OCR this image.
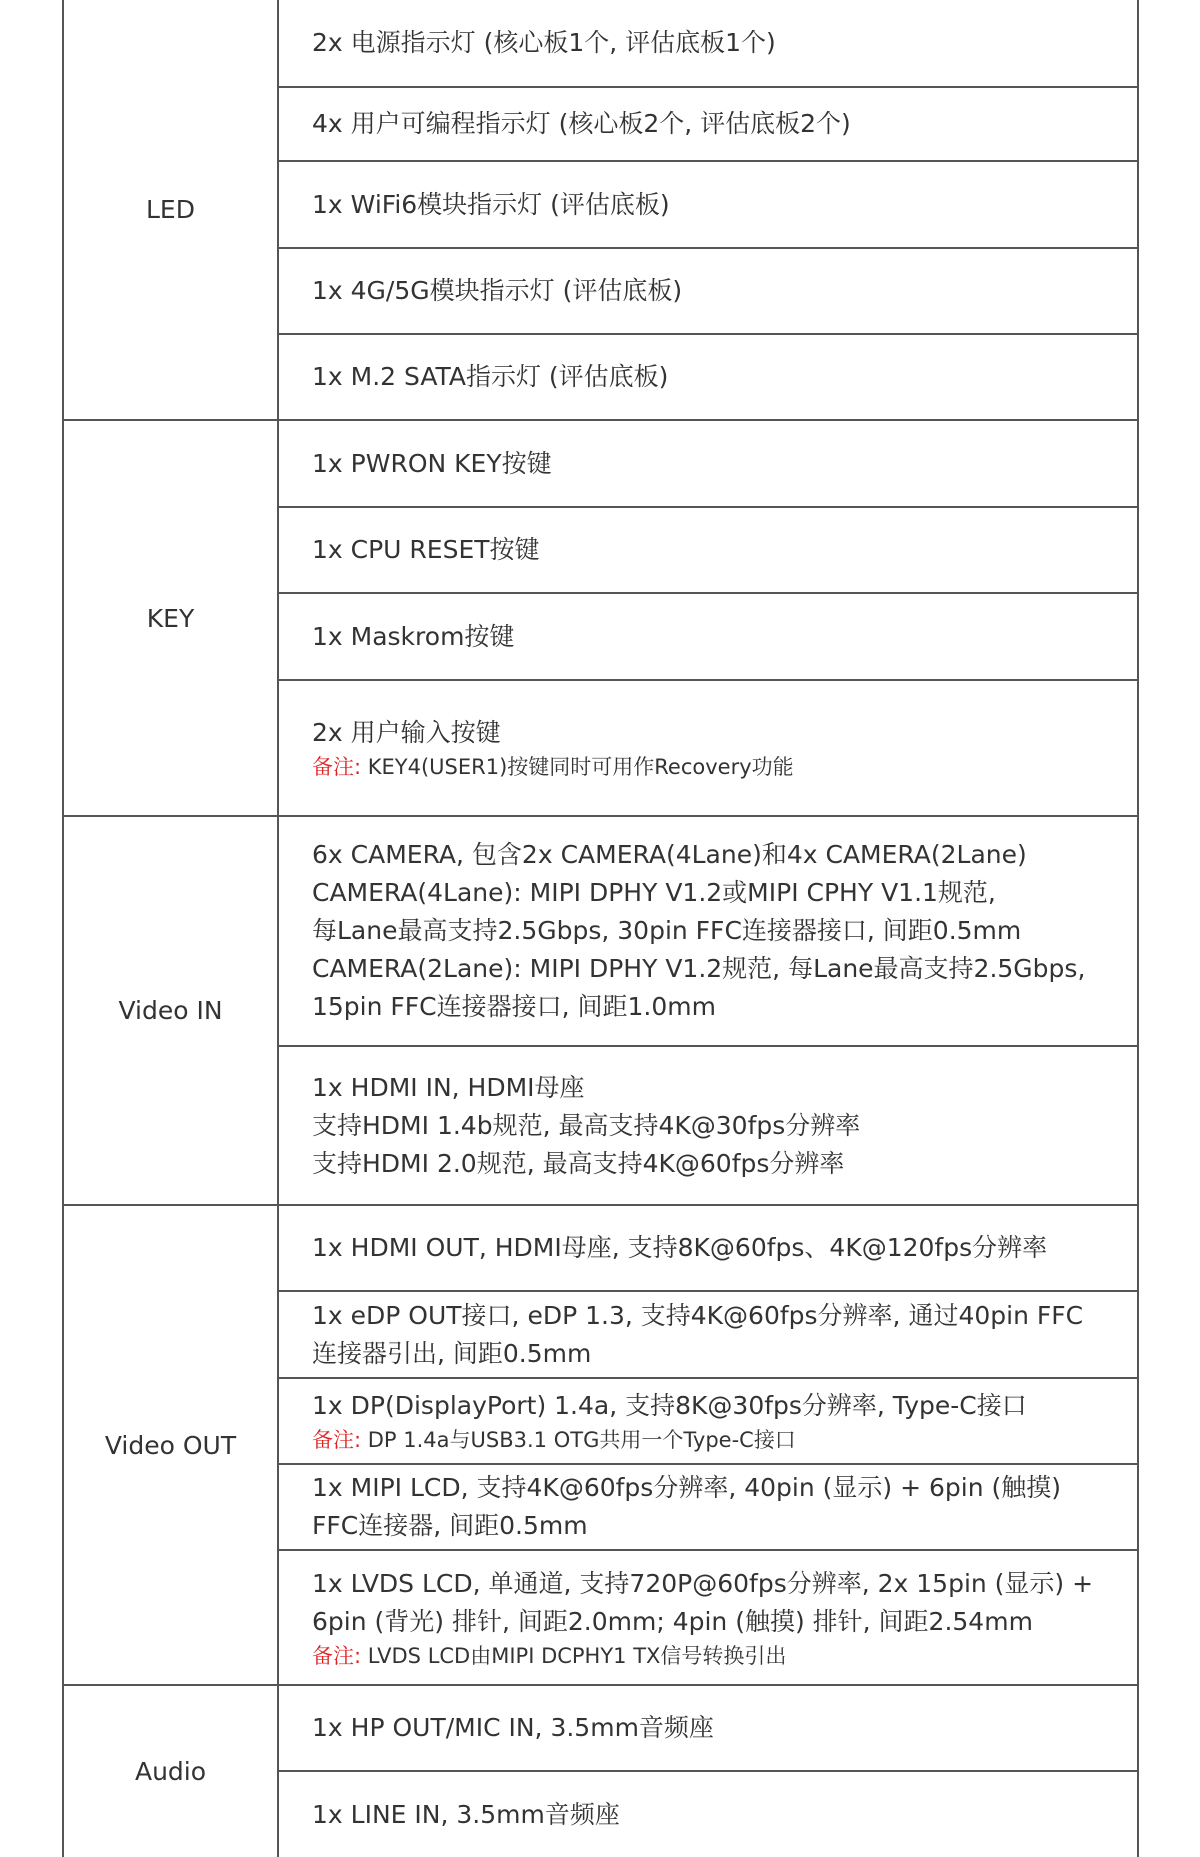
LED
2x 电源指示灯 (核心板1个, 评估底板1个)
4x 用户可编程指示灯 (核心板2个, 评估底板2个)
1x WiFi6模块指示灯 (评估底板)
1x 4G/5G模块指示灯 (评估底板)
1x M.2 SATA指示灯 (评估底板)
KEY
1x PWRON KEY按键
1x CPU RESET按键
1x Maskrom按键
2x 用户输入按键
备注: KEY4(USER1)按键同时可用作Recovery功能
Video IN
6x CAMERA, 包含2x CAMERA(4Lane)和4x CAMERA(2Lane)
CAMERA(4Lane): MIPI DPHY V1.2或MIPI CPHY V1.1规范,
每Lane最高支持2.5Gbps, 30pin FFC连接器接口, 间距0.5mm
CAMERA(2Lane): MIPI DPHY V1.2规范, 每Lane最高支持2.5Gbps,
15pin FFC连接器接口, 间距1.0mm
1x HDMI IN, HDMI母座
支持HDMI 1.4b规范, 最高支持4K@30fps分辨率
支持HDMI 2.0规范, 最高支持4K@60fps分辨率
Video OUT
1x HDMI OUT, HDMI母座, 支持8K@60fps、4K@120fps分辨率
1x eDP OUT接口, eDP 1.3, 支持4K@60fps分辨率, 通过40pin FFC
连接器引出, 间距0.5mm
1x DP(DisplayPort) 1.4a, 支持8K@30fps分辨率, Type-C接口
备注: DP 1.4a与USB3.1 OTG共用一个Type-C接口
1x MIPI LCD, 支持4K@60fps分辨率, 40pin (显示) + 6pin (触摸)
FFC连接器, 间距0.5mm
1x LVDS LCD, 单通道, 支持720P@60fps分辨率, 2x 15pin (显示) +
6pin (背光) 排针, 间距2.0mm; 4pin (触摸) 排针, 间距2.54mm
备注: LVDS LCD由MIPI DCPHY1 TX信号转换引出
Audio
1x HP OUT/MIC IN, 3.5mm音频座
1x LINE IN, 3.5mm音频座
